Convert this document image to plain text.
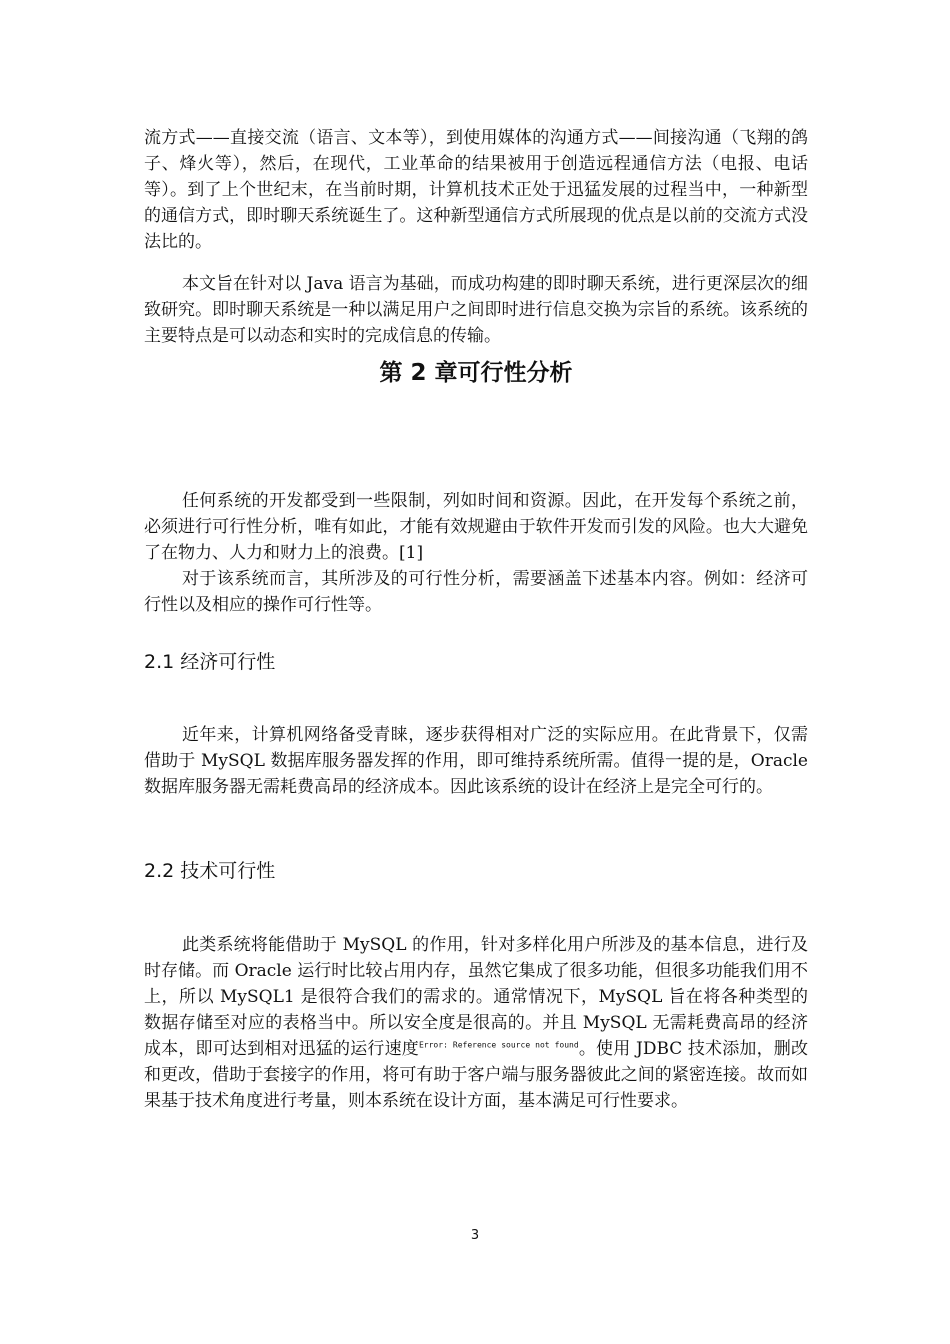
流方式——直接交流（语言、文本等），到使用媒体的沟通方式——间接沟通（飞翔的鸽子、烽火等），然后，在现代，工业革命的结果被用于创造远程通信方法（电报、电话等）。到了上个世纪末，在当前时期，计算机技术正处于迅猛发展的过程当中，一种新型的通信方式，即时聊天系统诞生了。这种新型通信方式所展现的优点是以前的交流方式没法比的。

本文旨在针对以 Java 语言为基础，而成功构建的即时聊天系统，进行更深层次的细致研究。即时聊天系统是一种以满足用户之间即时进行信息交换为宗旨的系统。该系统的主要特点是可以动态和实时的完成信息的传输。

第 2 章可行性分析

任何系统的开发都受到一些限制，列如时间和资源。因此，在开发每个系统之前，必须进行可行性分析，唯有如此，才能有效规避由于软件开发而引发的风险。也大大避免了在物力、人力和财力上的浪费。[1]

对于该系统而言，其所涉及的可行性分析，需要涵盖下述基本内容。例如：经济可行性以及相应的操作可行性等。

2.1 经济可行性

近年来，计算机网络备受青睐，逐步获得相对广泛的实际应用。在此背景下，仅需借助于 MySQL 数据库服务器发挥的作用，即可维持系统所需。值得一提的是，Oracle 数据库服务器无需耗费高昂的经济成本。因此该系统的设计在经济上是完全可行的。

2.2 技术可行性

此类系统将能借助于 MySQL 的作用，针对多样化用户所涉及的基本信息，进行及时存储。而 Oracle 运行时比较占用内存，虽然它集成了很多功能，但很多功能我们用不上，所以 MySQL1 是很符合我们的需求的。通常情况下，MySQL 旨在将各种类型的数据存储至对应的表格当中。所以安全度是很高的。并且 MySQL 无需耗费高昂的经济成本，即可达到相对迅猛的运行速度$^{Error: Reference source not found}$。使用 JDBC 技术添加，删改和更改，借助于套接字的作用，将可有助于客户端与服务器彼此之间的紧密连接。故而如果基于技术角度进行考量，则本系统在设计方面，基本满足可行性要求。

3
